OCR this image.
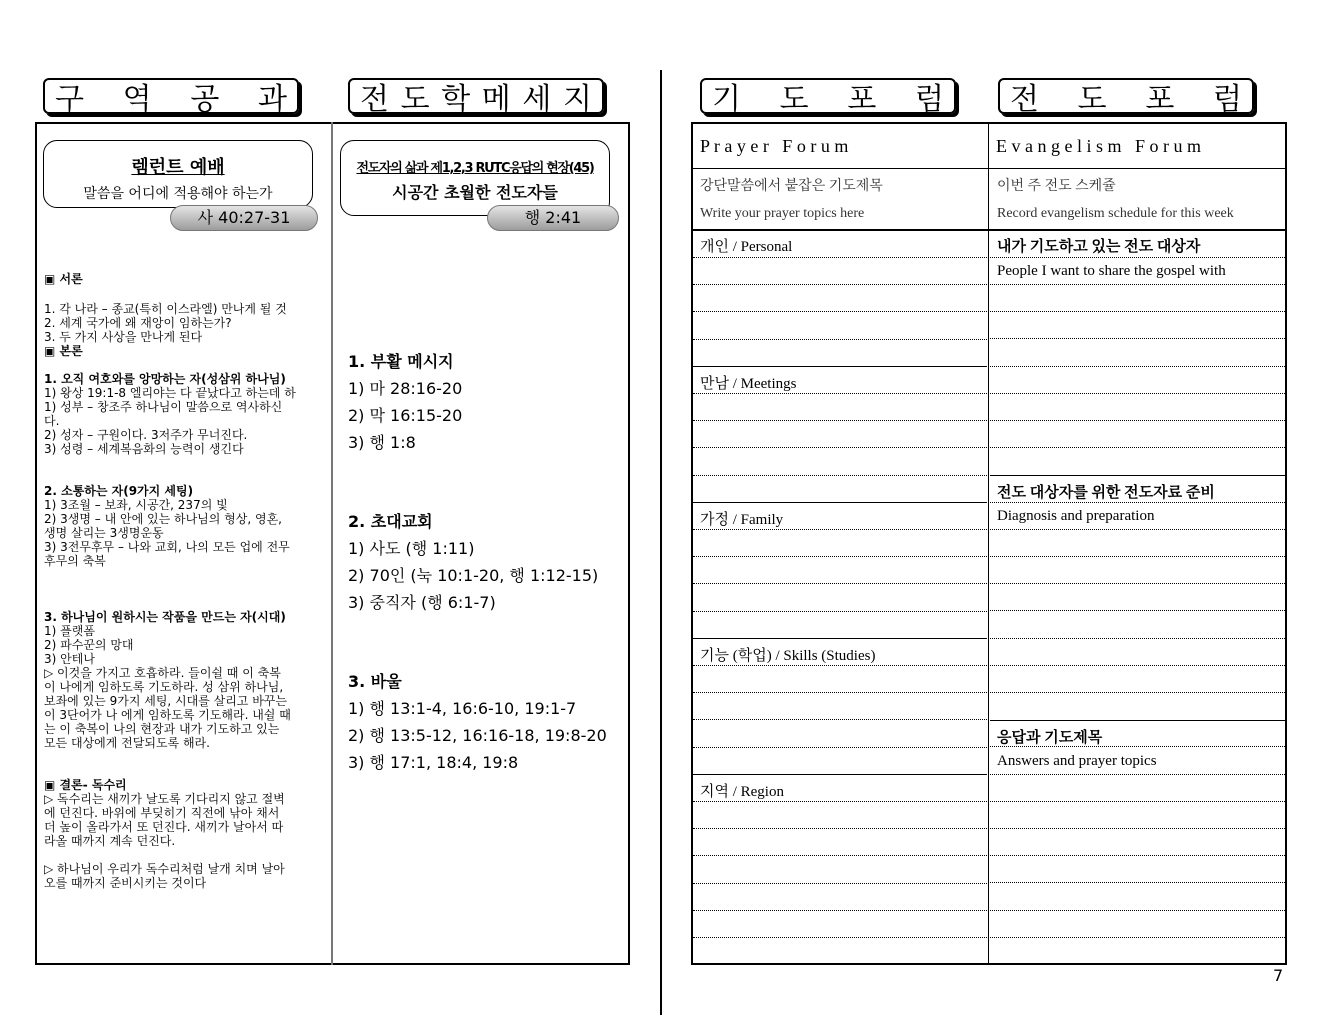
구 역 공 과 전 도 학 메 세 지	기 도 포 럼 전 도 포 럼
렘런트 예배
말씀을 어디에 적용해야 하는가
사 40:27-31

▣ 서론

1. 각 나라 – 종교(특히 이스라엘) 만나게 될 것

2. 세계 국가에 왜 재앙이 임하는가?

3. 두 가지 사상을 만나게 된다

▣ 본론

1. 오직 여호와를 앙망하는 자(성삼위 하나님)

1) 왕상 19:1-8 엘리야는 다 끝났다고 하는데 하

1) 성부 – 창조주 하나님이 말씀으로 역사하신

다.

2) 성자 – 구원이다. 3저주가 무너진다.

3) 성령 – 세계복음화의 능력이 생긴다

2. 소통하는 자(9가지 세팅)

1) 3조월 – 보좌, 시공간, 237의 빛

2) 3생명 – 내 안에 있는 하나님의 형상, 영혼,

생명 살리는 3생명운동

3) 3전무후무 – 나와 교회, 나의 모든 업에 전무

후무의 축복

3. 하나님이 원하시는 작품을 만드는 자(시대)

1) 플랫폼

2) 파수꾼의 망대

3) 안테나

▷ 이것을 가지고 호흡하라. 들이쉴 때 이 축복

이 나에게 임하도록 기도하라. 성 삼위 하나님,

보좌에 있는 9가지 세팅, 시대를 살리고 바꾸는

이 3단어가 나 에게 임하도록 기도해라. 내쉴 때

는 이 축복이 나의 현장과 내가 기도하고 있는

모든 대상에게 전달되도록 해라.

▣ 결론- 독수리

▷ 독수리는 새끼가 날도록 기다리지 않고 절벽

에 던진다. 바위에 부딪히기 직전에 낚아 채서

더 높이 올라가서 또 던진다. 새끼가 날아서 따

라올 때까지 계속 던진다.

▷ 하나님이 우리가 독수리처럼 날개 치며 날아

오를 때까지 준비시키는 것이다

전도자의 삶과 제1,2,3 RUTC응답의 현장(45)
시공간 초월한 전도자들
행 2:41
1. 부활 메시지
1) 마 28:16-20
2) 막 16:15-20
3) 행 1:8
2. 초대교회
1) 사도 (행 1:11)
2) 70인 (눅 10:1-20, 행 1:12-15)
3) 중직자 (행 6:1-7)
3. 바울
1) 행 13:1-4, 16:6-10, 19:1-7
2) 행 13:5-12, 16:16-18, 19:8-20
3) 행 17:1, 18:4, 19:8
P r a y e r   F o r u m	E v a n g e l i s m   F o r u m
강단말씀에서 붙잡은 기도제목
Write your prayer topics here
이번 주 전도 스케쥴
Record evangelism schedule for this week
개인 / Personal
만남 / Meetings
가정 / Family
기능 (학업) / Skills (Studies)
지역 / Region
내가 기도하고 있는 전도 대상자
People I want to share the gospel with
전도 대상자를 위한 전도자료 준비
Diagnosis and preparation
응답과 기도제목
Answers and prayer topics
7
